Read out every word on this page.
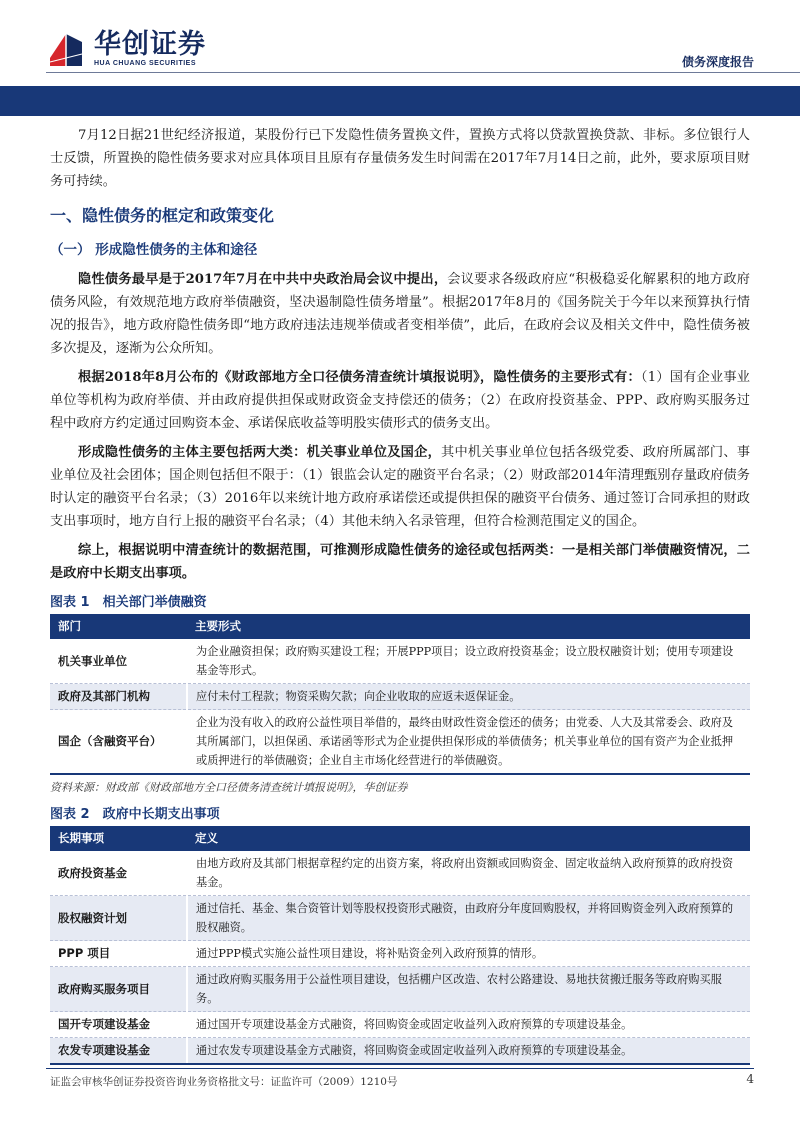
华创证券
HUA CHUANG SECURITIES	债务深度报告

7月12日据21世纪经济报道，某股份行已下发隐性债务置换文件，置换方式将以贷款置换贷款、非标。多位银行人士反馈，所置换的隐性债务要求对应具体项目且原有存量债务发生时间需在2017年7月14日之前，此外，要求原项目财务可持续。

一、隐性债务的框定和政策变化
（一） 形成隐性债务的主体和途径

隐性债务最早是于2017年7月在中共中央政治局会议中提出，会议要求各级政府应“积极稳妥化解累积的地方政府债务风险，有效规范地方政府举债融资，坚决遏制隐性债务增量”。根据2017年8月的《国务院关于今年以来预算执行情况的报告》，地方政府隐性债务即“地方政府违法违规举债或者变相举债”，此后，在政府会议及相关文件中，隐性债务被多次提及，逐渐为公众所知。

根据2018年8月公布的《财政部地方全口径债务清查统计填报说明》，隐性债务的主要形式有：（1）国有企业事业单位等机构为政府举债、并由政府提供担保或财政资金支持偿还的债务；（2）在政府投资基金、PPP、政府购买服务过程中政府方约定通过回购资本金、承诺保底收益等明股实债形式的债务支出。

形成隐性债务的主体主要包括两大类：机关事业单位及国企，其中机关事业单位包括各级党委、政府所属部门、事业单位及社会团体；国企则包括但不限于：（1）银监会认定的融资平台名录；（2）财政部2014年清理甄别存量政府债务时认定的融资平台名录；（3）2016年以来统计地方政府承诺偿还或提供担保的融资平台债务、通过签订合同承担的财政支出事项时，地方自行上报的融资平台名录；（4）其他未纳入名录管理，但符合检测范围定义的国企。

综上，根据说明中清查统计的数据范围，可推测形成隐性债务的途径或包括两类：一是相关部门举债融资情况，二是政府中长期支出事项。

图表 1　相关部门举债融资
部门	主要形式
机关事业单位	为企业融资担保；政府购买建设工程；开展PPP项目；设立政府投资基金；设立股权融资计划；使用专项建设基金等形式。
政府及其部门机构	应付未付工程款；物资采购欠款；向企业收取的应返未返保证金。
国企（含融资平台）	企业为没有收入的政府公益性项目举借的，最终由财政性资金偿还的债务；由党委、人大及其常委会、政府及其所属部门，以担保函、承诺函等形式为企业提供担保形成的举债债务；机关事业单位的国有资产为企业抵押或质押进行的举债融资；企业自主市场化经营进行的举债融资。
资料来源：财政部《财政部地方全口径债务清查统计填报说明》，华创证券
图表 2　政府中长期支出事项
长期事项	定义
政府投资基金	由地方政府及其部门根据章程约定的出资方案，将政府出资额或回购资金、固定收益纳入政府预算的政府投资基金。
股权融资计划	通过信托、基金、集合资管计划等股权投资形式融资，由政府分年度回购股权，并将回购资金列入政府预算的股权融资。
PPP 项目	通过PPP模式实施公益性项目建设，将补贴资金列入政府预算的情形。
政府购买服务项目	通过政府购买服务用于公益性项目建设，包括棚户区改造、农村公路建设、易地扶贫搬迁服务等政府购买服务。
国开专项建设基金	通过国开专项建设基金方式融资，将回购资金或固定收益列入政府预算的专项建设基金。
农发专项建设基金	通过农发专项建设基金方式融资，将回购资金或固定收益列入政府预算的专项建设基金。
证监会审核华创证券投资咨询业务资格批文号：证监许可（2009）1210号	4
